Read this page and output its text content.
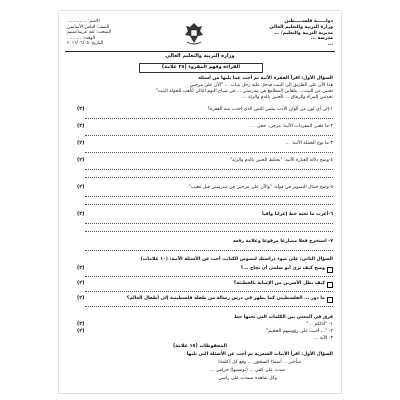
الاسم: ..............
الصف: الثامن الأساسي
المبحث: لغة عربية/تقييم
الوقت: ..........
التاريخ: ٢٠١٦/٠٦/٠٥
دولــــــة فلســـــطين
وزارة التربية والتعليم العالي
مديرية التربية والتعليم/ ...
مدرسة ...
...
وزارة التربية والتعليم العالي
القراءة وفهم المقروء (٢٥ علامة)
السؤال الأول: اقرأ الفقرة الآتية ثم أجب عما يليها من أسئلة
هذا الآن على الطريق إلى البيت فدخل عليه رجل بثياب ... "الآن على مرحبي
تحبني من البيت... يتلقاني المطامع في مدرستي ... في صباح اليوم التالي أتأهب للجولة البيت"
تحدثني المرأة والرفاق ... الحنين بالدم والرئة ...
١-إلى أي لون من ألوان الأدب ينتمي النص الذي أخذت منه الفقرة؟
(٢)
٢-ما معنى المفردات الآتية: مرحى، حجر، ...
(٢)
٣-ما نوع الجملة الآتية: ...
(٢)
٤-وضح دلالة العبارة الآتية: "يختلط الحنين بالدم والرئة"
(٢)
٥-وضح جمال التصوير في قوله: "والآن على مرحبي في مدرستي قبل مغيب"
(٢)
٦-أعرب ما تحته خط إعرابا وافيا
(٢)
٧- استخرج فعلا مضارعا مرفوعا وعلامة رفعه
السؤال الثاني: على ضوء دراستك لنصوص الكتاب، أجب عن الأسئلة الآتية: (١٠ علامات)
وضح كيف ترى أبو سلمى أن نجاح ...؟
(٢)
كيف يطل الأسرين من الإصابة بالخطيئة؟
(٢)
ما دور ... الفلسطيني كما يظهر في درس رسالة من طفلة فلسطينية إلى أطفال العالم؟
(٢)
فرق في المعنى بين الكلمات التي تحتها خط
١- "أنالكم ..."
(٢)
٢- "..، أحبب على رؤوسهم الحجيم"
(٢)
٣- الآية ...
المحفوظات (١٥ علامة)
السؤال الأول: اقرأ الأبيات الشعرية ثم أجب عن الأسئلة التي تليها
سأخبر ... أسماء السجون ... وقع كل (كلمة)
شدت على كفي ... (تونسيها) حرامي ...
وكل شاهدة صمدت على راسي
